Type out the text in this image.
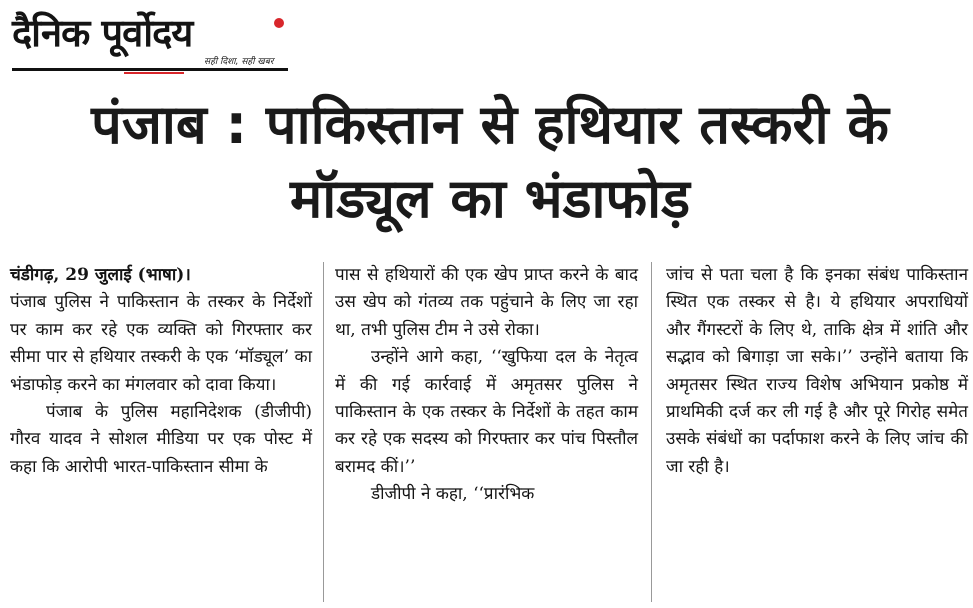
दैनिक पूर्वोदय
सही दिशा, सही खबर
पंजाब : पाकिस्तान से हथियार तस्करी के मॉड्यूल का भंडाफोड़

चंडीगढ़, 29 जुलाई (भाषा)।

पंजाब पुलिस ने पाकिस्तान के तस्कर के निर्देशों पर काम कर रहे एक व्यक्ति को गिरफ्तार कर सीमा पार से हथियार तस्करी के एक ‘मॉड्यूल’ का भंडाफोड़ करने का मंगलवार को दावा किया।

पंजाब के पुलिस महानिदेशक (डीजीपी) गौरव यादव ने सोशल मीडिया पर एक पोस्ट में कहा कि आरोपी भारत-पाकिस्तान सीमा के

पास से हथियारों की एक खेप प्राप्त करने के बाद उस खेप को गंतव्य तक पहुंचाने के लिए जा रहा था, तभी पुलिस टीम ने उसे रोका।

उन्होंने आगे कहा, ‘‘खुफिया दल के नेतृत्व में की गई कार्रवाई में अमृतसर पुलिस ने पाकिस्तान के एक तस्कर के निर्देशों के तहत काम कर रहे एक सदस्य को गिरफ्तार कर पांच पिस्तौल बरामद कीं।’’

डीजीपी ने कहा, ‘‘प्रारंभिक

जांच से पता चला है कि इनका संबंध पाकिस्तान स्थित एक तस्कर से है। ये हथियार अपराधियों और गैंगस्टरों के लिए थे, ताकि क्षेत्र में शांति और सद्भाव को बिगाड़ा जा सके।’’ उन्होंने बताया कि अमृतसर स्थित राज्य विशेष अभियान प्रकोष्ठ में प्राथमिकी दर्ज कर ली गई है और पूरे गिरोह समेत उसके संबंधों का पर्दाफाश करने के लिए जांच की जा रही है।
